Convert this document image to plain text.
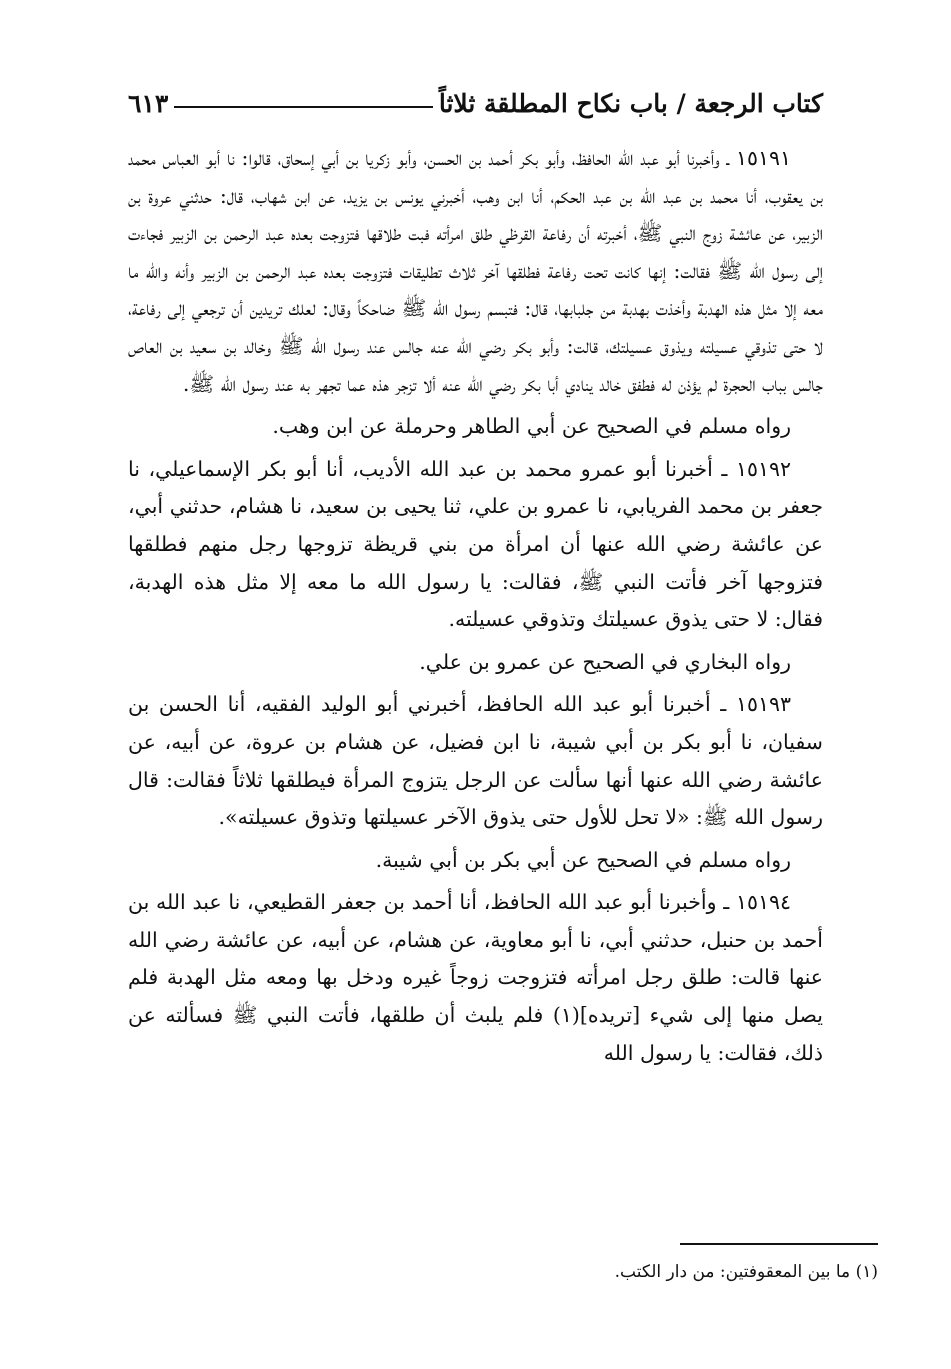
كتاب الرجعة / باب نكاح المطلقة ثلاثاً
٦١٣

١٥١٩١ ـ وأخبرنا أبو عبد الله الحافظ، وأبو بكر أحمد بن الحسن، وأبو زكريا بن أبي إسحاق، قالوا: نا أبو العباس محمد بن يعقوب، أنا محمد بن عبد الله بن عبد الحكم، أنا ابن وهب، أخبرني يونس بن يزيد، عن ابن شهاب، قال: حدثني عروة بن الزبير، عن عائشة زوج النبي ﷺ، أخبرته أن رفاعة القرظي طلق امرأته فبت طلاقها فتزوجت بعده عبد الرحمن بن الزبير فجاءت إلى رسول الله ﷺ فقالت: إنها كانت تحت رفاعة فطلقها آخر ثلاث تطليقات فتزوجت بعده عبد الرحمن بن الزبير وأنه والله ما معه إلا مثل هذه الهدبة وأخذت بهدبة من جلبابها، قال: فتبسم رسول الله ﷺ ضاحكاً وقال: لعلك تريدين أن ترجعي إلى رفاعة، لا حتى تذوقي عسيلته ويذوق عسيلتك، قالت: وأبو بكر رضي الله عنه جالس عند رسول الله ﷺ وخالد بن سعيد بن العاص جالس بباب الحجرة لم يؤذن له فطفق خالد ينادي أبا بكر رضي الله عنه ألا تزجر هذه عما تجهر به عند رسول الله ﷺ.

رواه مسلم في الصحيح عن أبي الطاهر وحرملة عن ابن وهب.

١٥١٩٢ ـ أخبرنا أبو عمرو محمد بن عبد الله الأديب، أنا أبو بكر الإسماعيلي، نا جعفر بن محمد الفريابي، نا عمرو بن علي، ثنا يحيى بن سعيد، نا هشام، حدثني أبي، عن عائشة رضي الله عنها أن امرأة من بني قريظة تزوجها رجل منهم فطلقها فتزوجها آخر فأتت النبي ﷺ، فقالت: يا رسول الله ما معه إلا مثل هذه الهدبة، فقال: لا حتى يذوق عسيلتك وتذوقي عسيلته.

رواه البخاري في الصحيح عن عمرو بن علي.

١٥١٩٣ ـ أخبرنا أبو عبد الله الحافظ، أخبرني أبو الوليد الفقيه، أنا الحسن بن سفيان، نا أبو بكر بن أبي شيبة، نا ابن فضيل، عن هشام بن عروة، عن أبيه، عن عائشة رضي الله عنها أنها سألت عن الرجل يتزوج المرأة فيطلقها ثلاثاً فقالت: قال رسول الله ﷺ: «لا تحل للأول حتى يذوق الآخر عسيلتها وتذوق عسيلته».

رواه مسلم في الصحيح عن أبي بكر بن أبي شيبة.

١٥١٩٤ ـ وأخبرنا أبو عبد الله الحافظ، أنا أحمد بن جعفر القطيعي، نا عبد الله بن أحمد بن حنبل، حدثني أبي، نا أبو معاوية، عن هشام، عن أبيه، عن عائشة رضي الله عنها قالت: طلق رجل امرأته فتزوجت زوجاً غيره ودخل بها ومعه مثل الهدبة فلم يصل منها إلى شيء [تريده](١) فلم يلبث أن طلقها، فأتت النبي ﷺ فسألته عن ذلك، فقالت: يا رسول الله

(١) ما بين المعقوفتين: من دار الكتب.
